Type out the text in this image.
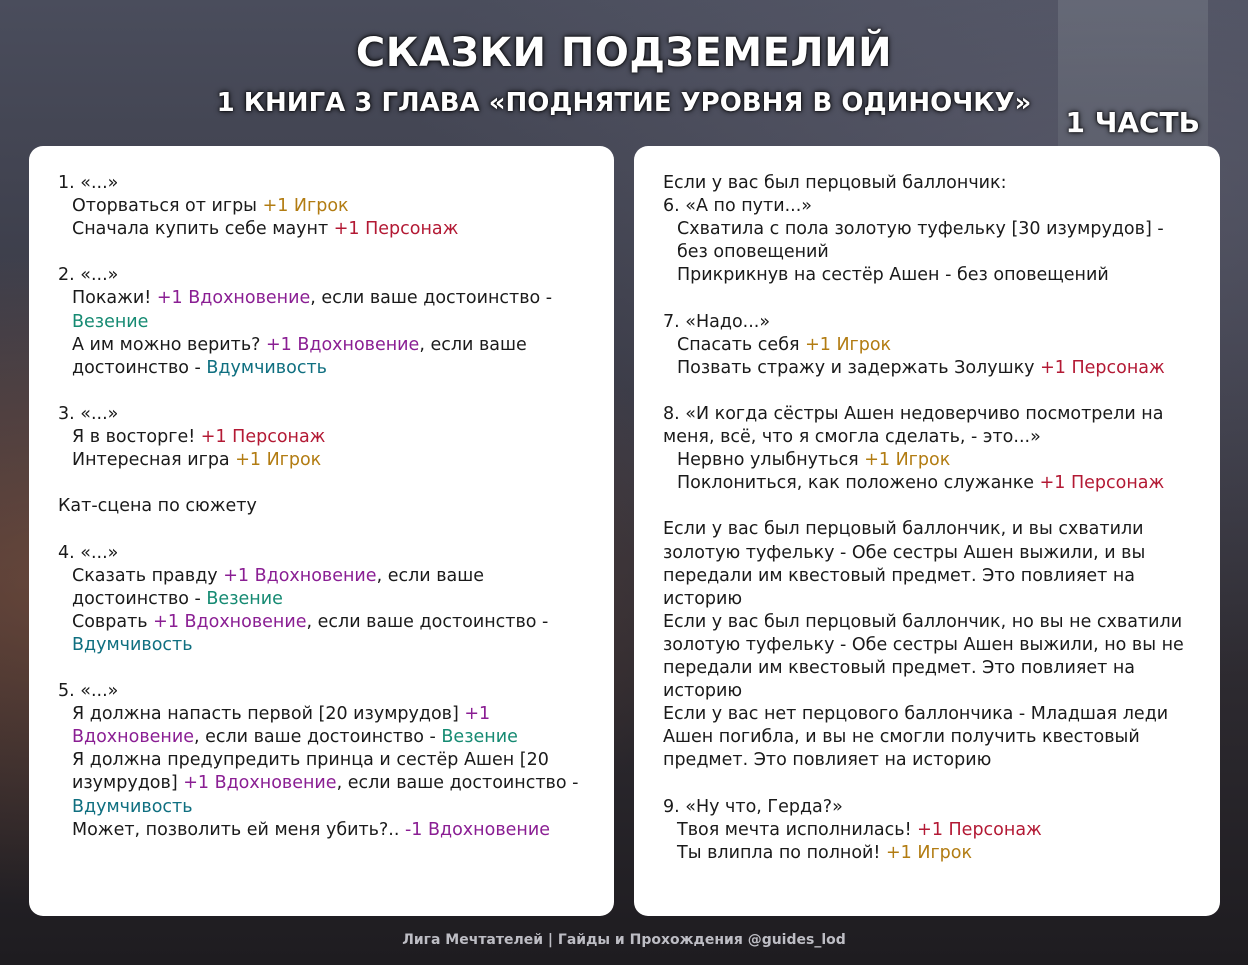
СКАЗКИ ПОДЗЕМЕЛИЙ
1 КНИГА 3 ГЛАВА «ПОДНЯТИЕ УРОВНЯ В ОДИНОЧКУ»
1 ЧАСТЬ
1. «...»
Оторваться от игры +1 Игрок
Сначала купить себе маунт +1 Персонаж
2. «...»
Покажи! +1 Вдохновение, если ваше достоинство - Везение
А им можно верить? +1 Вдохновение, если ваше достоинство - Вдумчивость
3. «...»
Я в восторге! +1 Персонаж
Интересная игра +1 Игрок
Кат-сцена по сюжету
4. «...»
Сказать правду +1 Вдохновение, если ваше достоинство - Везение
Соврать +1 Вдохновение, если ваше достоинство - Вдумчивость
5. «...»
Я должна напасть первой [20 изумрудов] +1 Вдохновение, если ваше достоинство - Везение
Я должна предупредить принца и сестёр Ашен [20 изумрудов] +1 Вдохновение, если ваше достоинство - Вдумчивость
Может, позволить ей меня убить?.. -1 Вдохновение
Если у вас был перцовый баллончик:
6. «А по пути...»
Схватила с пола золотую туфельку [30 изумрудов] - без оповещений
Прикрикнув на сестёр Ашен - без оповещений
7. «Надо...»
Спасать себя +1 Игрок
Позвать стражу и задержать Золушку +1 Персонаж
8. «И когда сёстры Ашен недоверчиво посмотрели на меня, всё, что я смогла сделать, - это...»
Нервно улыбнуться +1 Игрок
Поклониться, как положено служанке +1 Персонаж
Если у вас был перцовый баллончик, и вы схватили золотую туфельку - Обе сестры Ашен выжили, и вы передали им квестовый предмет. Это повлияет на историю
Если у вас был перцовый баллончик, но вы не схватили золотую туфельку - Обе сестры Ашен выжили, но вы не передали им квестовый предмет. Это повлияет на историю
Если у вас нет перцового баллончика - Младшая леди Ашен погибла, и вы не смогли получить квестовый предмет. Это повлияет на историю
9. «Ну что, Герда?»
Твоя мечта исполнилась! +1 Персонаж
Ты влипла по полной! +1 Игрок
Лига Мечтателей | Гайды и Прохождения @guides_lod
